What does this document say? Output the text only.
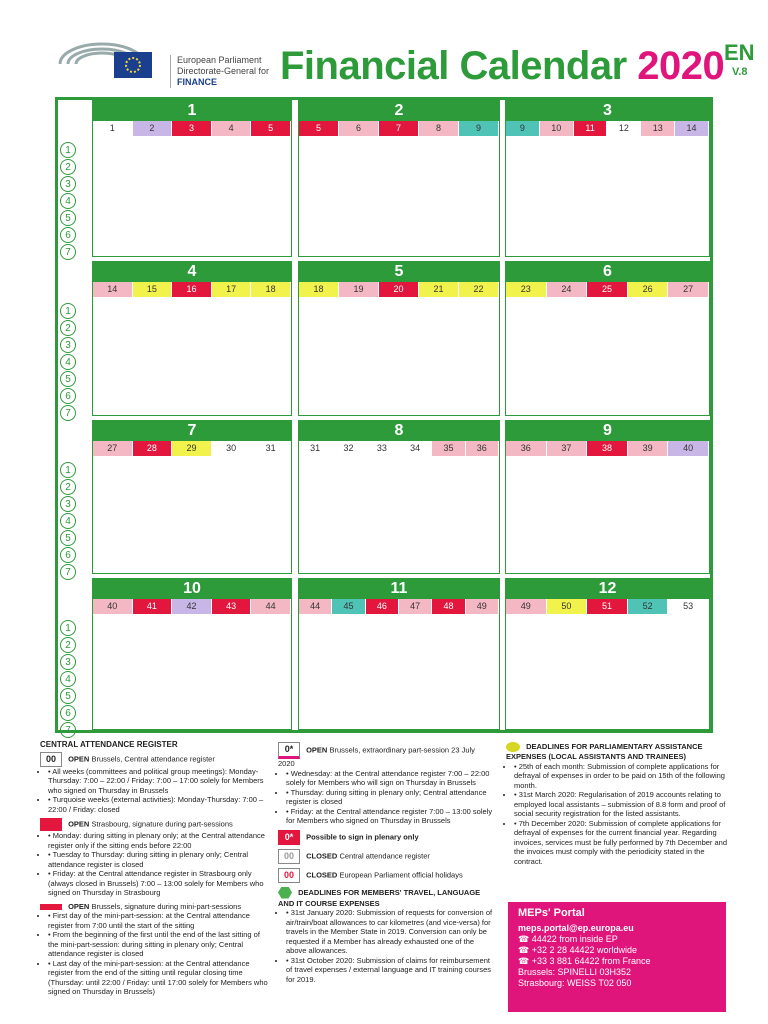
European Parliament
Directorate-General for
FINANCE	Financial Calendar 2020 EN
V.8
1
2
3
4
5
6
7
1
2
3
4
5
6
7
1
2
3
4
5
6
7
1
2
3
4
5
6
7
1
1	2	3	4	5
2
5	6	7	8	9
3
9	10	11	12	13	14
4
14	15	16	17	18
5
18	19	20	21	22
6
23	24	25	26	27
7
27	28	29	30	31
8
31	32	33	34	35	36
9
36	37	38	39	40
10
40	41	42	43	44
11
44	45	46	47	48	49
12
49	50	51	52	53
CENTRAL ATTENDANCE REGISTER
00 OPEN Brussels, Central attendance register
• • All weeks (committees and political group meetings): Monday-Thursday: 7:00 – 22:00 / Friday: 7:00 – 17:00 solely for Members who signed on Thursday in Brussels
• • Turquoise weeks (external activities): Monday-Thursday: 7:00 – 22:00 / Friday: closed
OPEN Strasbourg, signature during part-sessions
• • Monday: during sitting in plenary only; at the Central attendance register only if the sitting ends before 22:00
• • Tuesday to Thursday: during sitting in plenary only; Central attendance register is closed
• • Friday: at the Central attendance register in Strasbourg only (always closed in Brussels) 7:00 – 13:00 solely for Members who signed on Thursday in Strasbourg
OPEN Brussels, signature during mini-part-sessions
• • First day of the mini-part-session: at the Central attendance register from 7:00 until the start of the sitting
• • From the beginning of the first until the end of the last sitting of the mini-part-session: during sitting in plenary only; Central attendance register is closed
• • Last day of the mini-part-session: at the Central attendance register from the end of the sitting until regular closing time (Thursday: until 22:00 / Friday: until 17:00 solely for Members who signed on Thursday in Brussels)
0* OPEN Brussels, extraordinary part-session 23 July 2020
• • Wednesday: at the Central attendance register 7:00 – 22:00 solely for Members who will sign on Thursday in Brussels
• • Thursday: during sitting in plenary only; Central attendance register is closed
• • Friday: at the Central attendance register 7:00 – 13:00 solely for Members who signed on Thursday in Brussels
0* Possible to sign in plenary only
00 CLOSED Central attendance register
00 CLOSED European Parliament official holidays
DEADLINES FOR MEMBERS' TRAVEL, LANGUAGE AND IT COURSE EXPENSES
• • 31st January 2020: Submission of requests for conversion of air/train/boat allowances to car kilometres (and vice-versa) for travels in the Member State in 2019. Conversion can only be requested if a Member has already exhausted one of the above allowances.
• • 31st October 2020: Submission of claims for reimbursement of travel expenses / external language and IT training courses for 2019.
DEADLINES FOR PARLIAMENTARY ASSISTANCE EXPENSES (LOCAL ASSISTANTS AND TRAINEES)
• • 25th of each month: Submission of complete applications for defrayal of expenses in order to be paid on 15th of the following month.
• • 31st March 2020: Regularisation of 2019 accounts relating to employed local assistants – submission of 8.8 form and proof of social security registration for the listed assistants.
• • 7th December 2020: Submission of complete applications for defrayal of expenses for the current financial year. Regarding invoices, services must be fully performed by 7th December and the invoices must comply with the periodicity stated in the contract.
MEPs' Portal
meps.portal@ep.europa.eu
☎ 44422 from inside EP
☎ +32 2 28 44422 worldwide
☎ +33 3 881 64422 from France
Brussels: SPINELLI 03H352
Strasbourg: WEISS T02 050
